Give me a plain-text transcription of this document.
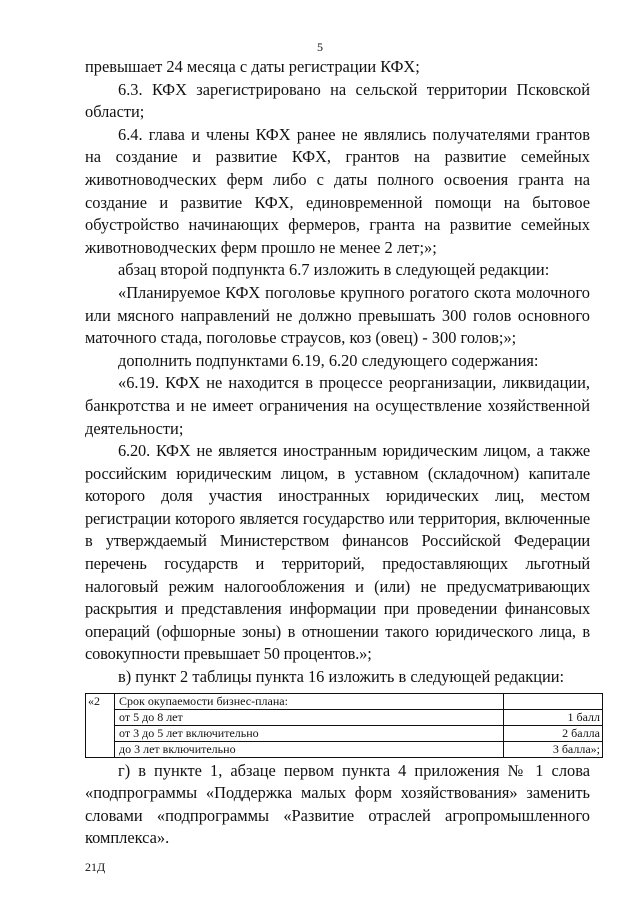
5

превышает 24 месяца с даты регистрации КФХ;

6.3. КФХ зарегистрировано на сельской территории Псковской области;

6.4. глава и члены КФХ ранее не являлись получателями грантов на создание и развитие КФХ, грантов на развитие семейных животноводческих ферм либо с даты полного освоения гранта на создание и развитие КФХ, единовременной помощи на бытовое обустройство начинающих фермеров, гранта на развитие семейных животноводческих ферм прошло не менее 2 лет;»;

абзац второй подпункта 6.7 изложить в следующей редакции:

«Планируемое КФХ поголовье крупного рогатого скота молочного или мясного направлений не должно превышать 300 голов основного маточного стада, поголовье страусов, коз (овец) - 300 голов;»;

дополнить подпунктами 6.19, 6.20 следующего содержания:

«6.19. КФХ не находится в процессе реорганизации, ликвидации, банкротства и не имеет ограничения на осуществление хозяйственной деятельности;

6.20. КФХ не является иностранным юридическим лицом, а также российским юридическим лицом, в уставном (складочном) капитале которого доля участия иностранных юридических лиц, местом регистрации которого является государство или территория, включенные в утверждаемый Министерством финансов Российской Федерации перечень государств и территорий, предоставляющих льготный налоговый режим налогообложения и (или) не предусматривающих раскрытия и представления информации при проведении финансовых операций (офшорные зоны) в отношении такого юридического лица, в совокупности превышает 50 процентов.»;

в) пункт 2 таблицы пункта 16 изложить в следующей редакции:

«2	Срок окупаемости бизнес-плана:	
	от 5 до 8 лет	1 балл
	от 3 до 5 лет включительно	2 балла
	до 3 лет включительно	3 балла»;

г) в пункте 1, абзаце первом пункта 4 приложения № 1 слова «подпрограммы «Поддержка малых форм хозяйствования» заменить словами «подпрограммы «Развитие отраслей агропромышленного комплекса».

21Д
